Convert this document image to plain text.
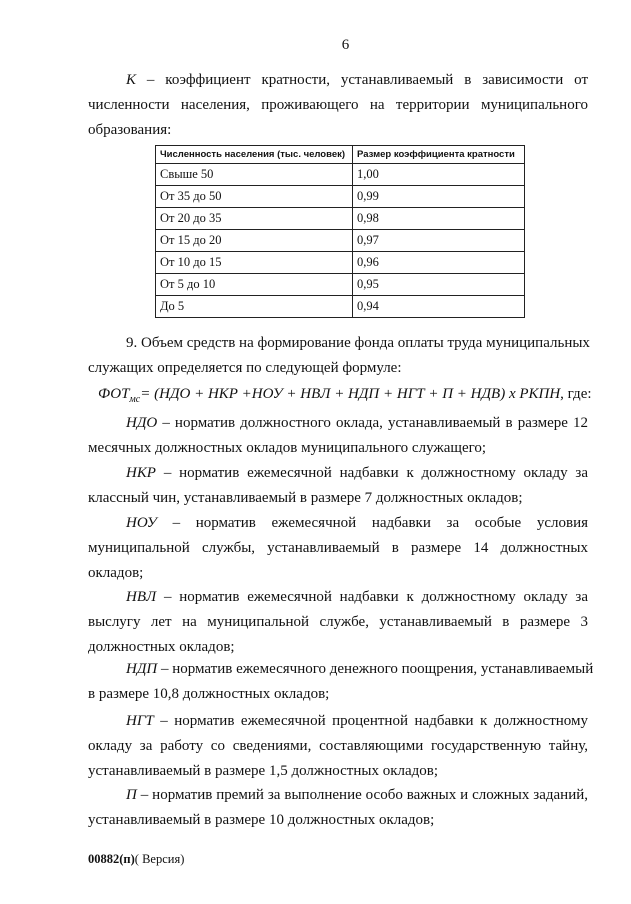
6
К – коэффициент кратности, устанавливаемый в зависимости от
численности населения, проживающего на территории муниципального
образования:
Численность населения (тыс. человек)	Размер коэффициента кратности
Свыше 50	1,00
От 35 до 50	0,99
От 20 до 35	0,98
От 15 до 20	0,97
От 10 до 15	0,96
От 5 до 10	0,95
До 5	0,94
9. Объем средств на формирование фонда оплаты труда муниципальных
служащих определяется по следующей формуле:
$ФОТ_{мс}= (НДО$ + НКР +НОУ + НВЛ + НДП + НГТ + П + НДВ) х РКПН, где:
НДО – норматив должностного оклада, устанавливаемый в размере 12
месячных должностных окладов муниципального служащего;
НКР – норматив ежемесячной надбавки к должностному окладу за
классный чин, устанавливаемый в размере 7 должностных окладов;
НОУ – норматив ежемесячной надбавки за особые условия
муниципальной службы, устанавливаемый в размере 14 должностных
окладов;
НВЛ – норматив ежемесячной надбавки к должностному окладу за
выслугу лет на муниципальной службе, устанавливаемый в размере 3
должностных окладов;
НДП – норматив ежемесячного денежного поощрения, устанавливаемый
в размере 10,8 должностных окладов;
НГТ – норматив ежемесячной процентной надбавки к должностному
окладу за работу со сведениями, составляющими государственную тайну,
устанавливаемый в размере 1,5 должностных окладов;
П – норматив премий за выполнение особо важных и сложных заданий,
устанавливаемый в размере 10 должностных окладов;
00882(п)( Версия)
